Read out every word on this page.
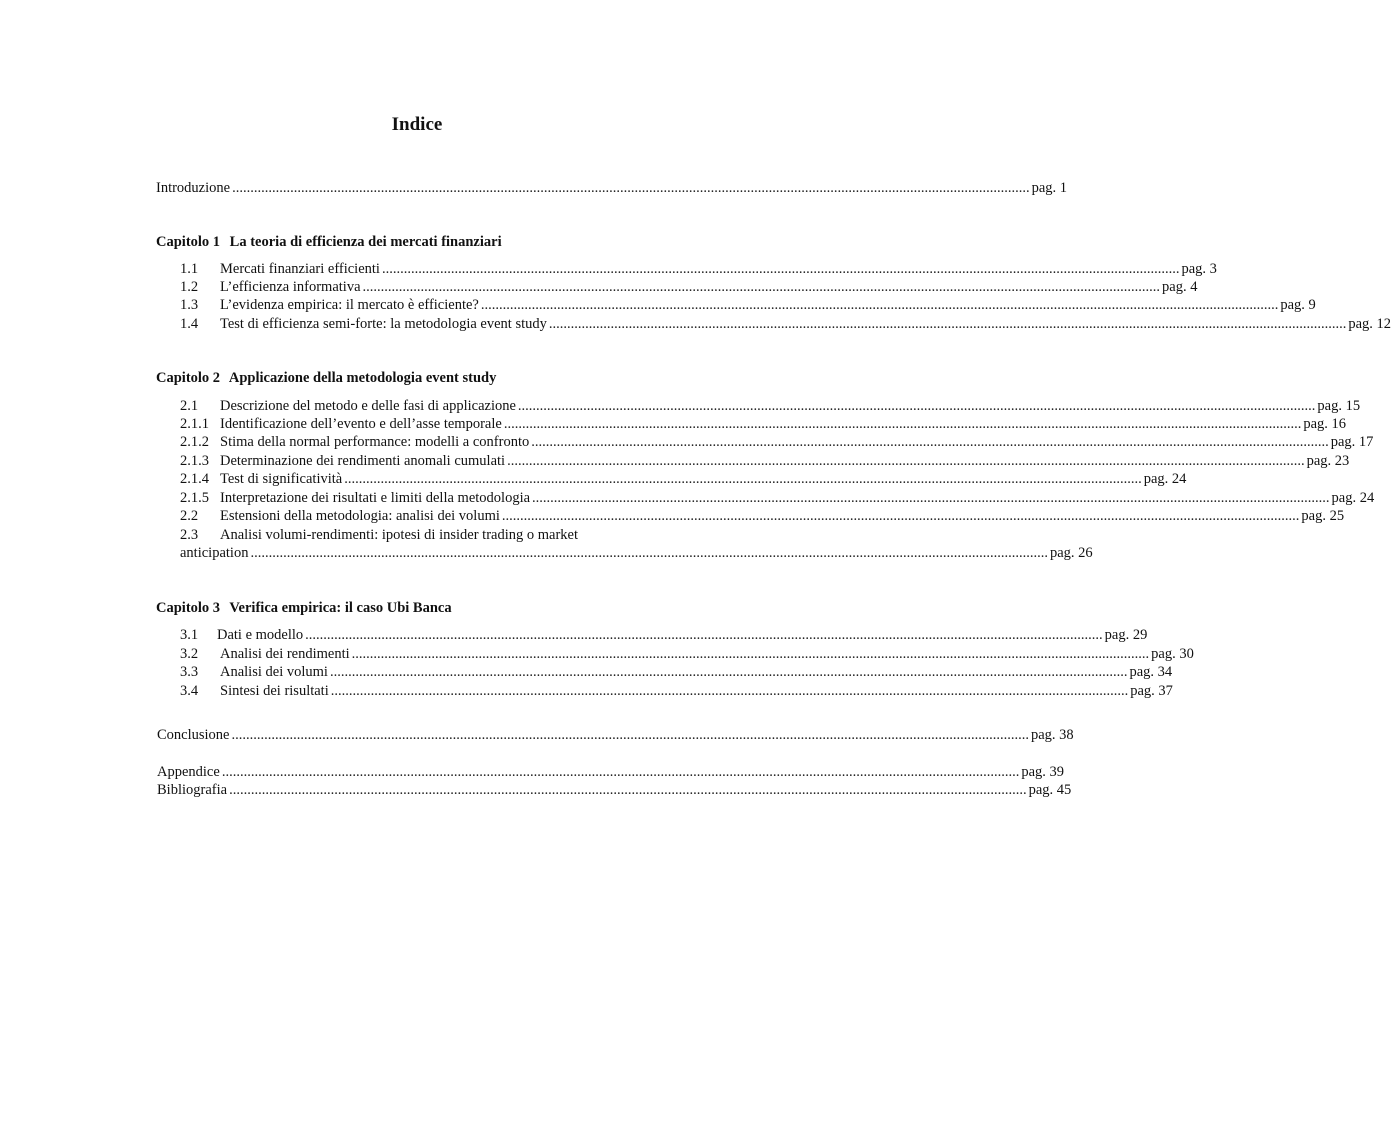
Indice
Introduzione ............................................................................................................................................................................................................................ pag. 1
Capitolo 1 La teoria di efficienza dei mercati finanziari
1.1	Mercati finanziari efficienti ............................................................................................................................................................................................................................ pag. 3
1.2	L’efficienza informativa ............................................................................................................................................................................................................................ pag. 4
1.3	L’evidenza empirica: il mercato è efficiente? ............................................................................................................................................................................................................................ pag. 9
1.4	Test di efficienza semi-forte: la metodologia event study ............................................................................................................................................................................................................................ pag. 12
Capitolo 2 Applicazione della metodologia event study
2.1	Descrizione del metodo e delle fasi di applicazione ............................................................................................................................................................................................................................ pag. 15
2.1.1 Identificazione dell’evento e dell’asse temporale ............................................................................................................................................................................................................................ pag. 16
2.1.2 Stima della normal performance: modelli a confronto ............................................................................................................................................................................................................................ pag. 17
2.1.3 Determinazione dei rendimenti anomali cumulati ............................................................................................................................................................................................................................ pag. 23
2.1.4 Test di significatività ............................................................................................................................................................................................................................ pag. 24
2.1.5 Interpretazione dei risultati e limiti della metodologia ............................................................................................................................................................................................................................ pag. 24
2.2	Estensioni della metodologia: analisi dei volumi ............................................................................................................................................................................................................................ pag. 25
2.3 Analisi volumi-rendimenti: ipotesi di insider trading o market
anticipation ............................................................................................................................................................................................................................ pag. 26
Capitolo 3 Verifica empirica: il caso Ubi Banca
3.1	Dati e modello ............................................................................................................................................................................................................................ pag. 29
3.2	Analisi dei rendimenti ............................................................................................................................................................................................................................ pag. 30
3.3	Analisi dei volumi ............................................................................................................................................................................................................................ pag. 34
3.4	Sintesi dei risultati ............................................................................................................................................................................................................................ pag. 37
Conclusione ............................................................................................................................................................................................................................ pag. 38
Appendice ............................................................................................................................................................................................................................ pag. 39
Bibliografia ............................................................................................................................................................................................................................ pag. 45
